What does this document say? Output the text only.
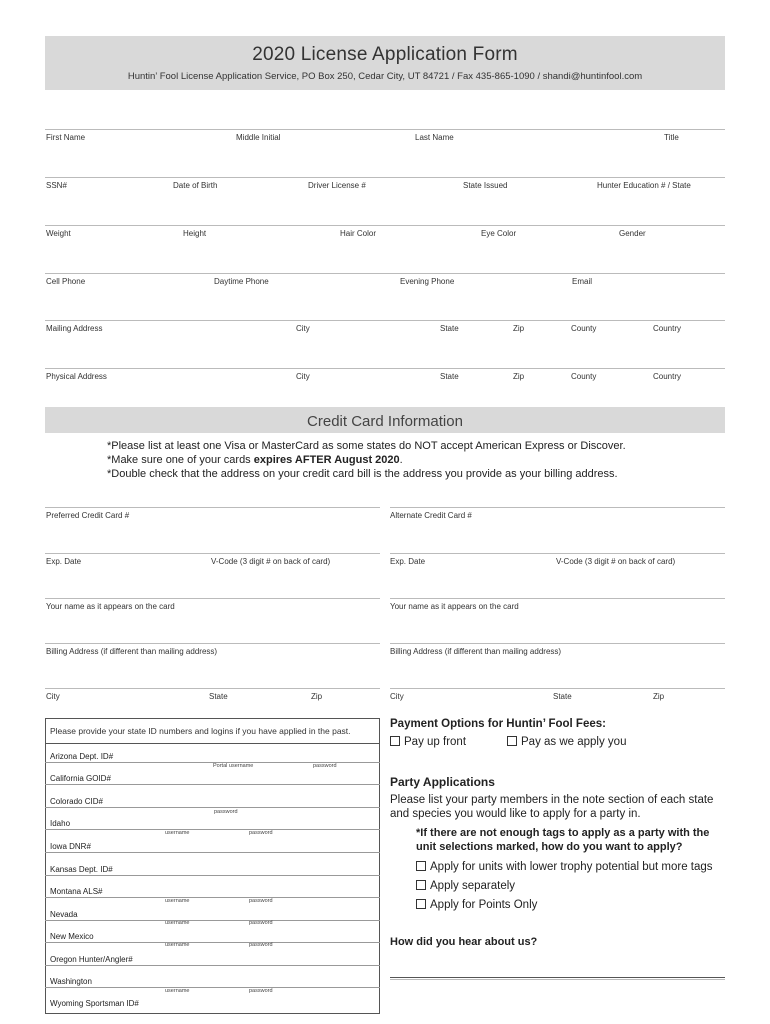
2020 License Application Form
Huntin’ Fool License Application Service, PO Box 250, Cedar City, UT 84721 / Fax 435-865-1090 / shandi@huntinfool.com
First Name	Middle Initial	Last Name	Title
SSN#	Date of Birth	Driver License #	State Issued	Hunter Education # / State
Weight	Height	Hair Color	Eye Color	Gender
Cell Phone	Daytime Phone	Evening Phone	Email
Mailing Address	City	State	Zip	County	Country
Physical Address	City	State	Zip	County	Country
Credit Card Information
*Please list at least one Visa or MasterCard as some states do NOT accept American Express or Discover.
*Make sure one of your cards expires AFTER August 2020.
*Double check that the address on your credit card bill is the address you provide as your billing address.
Preferred Credit Card #
Exp. Date	V-Code (3 digit # on back of card)
Your name as it appears on the card
Billing Address (if different than mailing address)
City	State	Zip
Alternate Credit Card #
Exp. Date	V-Code (3 digit # on back of card)
Your name as it appears on the card
Billing Address (if different than mailing address)
City	State	Zip
Please provide your state ID numbers and logins if you have applied in the past.
Arizona Dept. ID#
Portal username	password
California GOID#
Colorado CID#
password
Idaho
username	password
Iowa DNR#
Kansas Dept. ID#
Montana ALS#
username	password
Nevada
username	password
New Mexico
username	password
Oregon Hunter/Angler#
Washington
username	password
Wyoming Sportsman ID#
Payment Options for Huntin’ Fool Fees:
Pay up front	Pay as we apply you
Party Applications
Please list your party members in the note section of each state
and species you would like to apply for a party in.
*If there are not enough tags to apply as a party with the
unit selections marked, how do you want to apply?
Apply for units with lower trophy potential but more tags
Apply separately
Apply for Points Only
How did you hear about us?
